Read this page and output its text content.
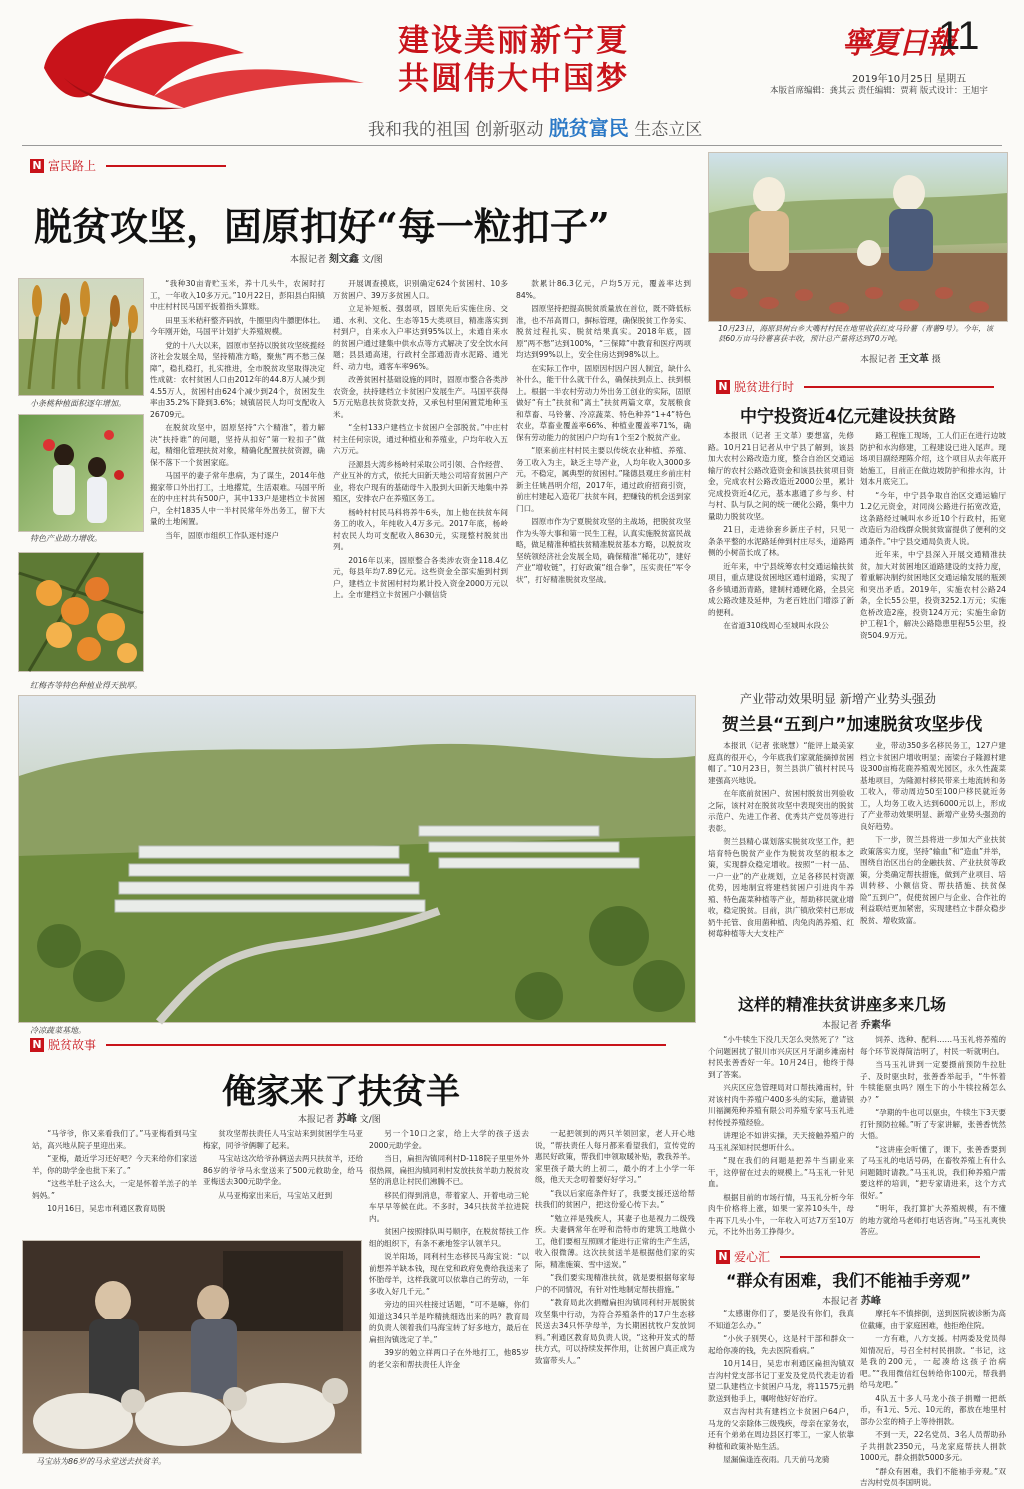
建设美丽新宁夏
共圆伟大中国梦
寧夏日報
11
2019年10月25日 星期五
本版首席编辑：龚其云 责任编辑：贾莉 版式设计：王旭宇
我和我的祖国 创新驱动 脱贫富民 生态立区
N 富民路上
脱贫攻坚，固原扣好“每一粒扣子”
本报记者 刻文鑫 文/图
小条桃种植面积逐年增加。
特色产业助力增收。
红梅杏等特色种植业得天独厚。

“我种30亩青贮玉米，养十几头牛，农闲时打工，一年收入10多万元。”10月22日，彭阳县白阳镇中庄村村民马国平扳着指头算账。

田里玉米秸秆整齐码放，牛圈里肉牛膘肥体壮。今年刚开始，马国平计划扩大养殖规模。

党的十八大以来，固原市坚持以脱贫攻坚统揽经济社会发展全局，坚持精准方略，聚焦“两不愁三保障”，稳扎稳打，扎实推进，全市脱贫攻坚取得决定性成就：农村贫困人口由2012年的44.8万人减少到4.55万人，贫困村由624个减少到24个，贫困发生率由35.2%下降到3.6%；城镇居民人均可支配收入26709元。

在脱贫攻坚中，固原坚持“六个精准”，着力解决“扶持谁”的问题，坚持从扣好“第一粒扣子”做起，精细化管理扶贫对象，精确化配置扶贫资源，确保不落下一个贫困家庭。

马国平的妻子常年患病，为了谋生，2014年他搬家带口外出打工，土地撂荒，生活艰难。马国平所在的中庄村共有500户，其中133户是建档立卡贫困户，全村1835人中一半村民常年外出务工，留下大量的土地闲置。

当年，固原市组织工作队逐村逐户

开展调查摸底，识别确定624个贫困村、10多万贫困户、39万多贫困人口。

立足补短板、强弱项，固原先后实施住房、交通、水利、文化、生态等15大类项目，精准落实到村到户，自来水入户率达到95%以上，未通自来水的贫困户通过建集中供水点等方式解决了安全饮水问题；县县通高速，行政村全部通沥青水泥路、通光纤、动力电，通客车率96%。

改善贫困村基础设施的同时，固原市整合各类涉农资金，扶持建档立卡贫困户发展生产。马国平获得5万元贴息扶贫贷款支持，又承包村里闲置荒地种玉米。

“全村133户建档立卡贫困户全部脱贫。”中庄村村主任何宗说，通过种植业和养殖业，户均年收入五六万元。

泾源县大湾乡杨岭村采取公司引领、合作经营、产业互补的方式，依托大田新天地公司培育贫困户产业，将农户现有的基础母牛入股到大田新天地集中养殖区，安排农户在养殖区务工。

杨岭村村民马科将养牛6头，加上他在扶贫车间务工的收入，年纯收入4万多元。2017年底，杨岭村农民人均可支配收入8630元，实现整村脱贫出列。

2016年以来，固原整合各类涉农资金118.4亿元，每县年均7.89亿元。这些资金全部实施到村到户，建档立卡贫困村村均累计投入资金2000万元以上。全市建档立卡贫困户小额信贷

款累计86.3亿元，户均5万元，覆盖率达到84%。

固原坚持把提高脱贫质量放在首位，既不降低标准，也不吊高胃口，摒标管理，确保脱贫工作务实、脱贫过程扎实、脱贫结果真实。2018年底，固原“两不愁”达到100%，“三保障”中教育和医疗两项均达到99%以上，安全住房达到98%以上。

在实际工作中，固原因村因户因人制宜，缺什么补什么，能干什么就干什么，确保扶到点上、扶到根上。根据一半农村劳动力外出务工创业的实际，固原做好“有土”扶贫和“离土”扶贫两篇文章，发展粮食和草畜、马铃薯、冷凉蔬菜、特色种养“1+4”特色农业，草畜业覆盖率66%、种植业覆盖率71%，确保有劳动能力的贫困户户均有1个至2个脱贫产业。

“原来前庄村村民主要以传统农业种植、养殖、务工收入为主，缺乏主导产业，人均年收入3000多元，不稳定，属典型的贫困村。”隆德县观庄乡前庄村新主任姚昌明介绍，2017年，通过政府招商引资，前庄村建起入造花厂扶贫车间，把赚钱的机会送到家门口。

固原市作为宁夏脱贫攻坚的主战场，把脱贫攻坚作为头等大事和第一民生工程，认真实施脱贫富民战略，做足精准种植扶贫精准脱贫基本方略，以脱贫攻坚统领经济社会发展全局，确保精准“稀花功”，建好产业“增收链”，打好政策“组合拳”，压实责任“军令状”，打好精准脱贫攻坚战。

冷凉蔬菜基地。
10月23日，海原县树台乡大嘴村村民在地里收获红皮马铃薯（青薯9号）。今年，该县60万亩马铃薯喜获丰收，预计总产量将达到70万吨。
本报记者 王文革 摄
N 脱贫进行时
中宁投资近4亿元建设扶贫路

本报讯（记者 王文革）要想富，先修路。10月21日记者从中宁县了解到，该县加大农村公路改造力度，整合自治区交通运输厅的农村公路改造资金和该县扶贫项目资金，完成农村公路改造近2000公里，累计完成投资近4亿元，基本惠通了乡与乡、村与村、队与队之间的统一硬化公路，集中力量助力脱贫攻坚。

21日，走进徐套乡新庄子村，只见一条条平整的水泥路延伸到村庄尽头，道路两侧的小树苗长成了林。

近年来，中宁县统筹农村交通运输扶贫项目，重点建设贫困地区通村道路，实现了各乡镇通沥青路，建制村通硬化路，全县完成公路改建及延伸，为老百姓出门增添了新的便利。

在省道310线周心至城叫水段公

路工程施工现场，工人们正在进行边坡防护和水沟修建，工程建设已进入尾声。现场项目副经理陈介绍，这个项目从去年底开始施工，目前正在做边坡防护和排水沟，计划本月底完工。

“今年，中宁县争取自治区交通运输厅1.2亿元资金，对同岗公路进行拓宽改造，这条路经过喊叫水乡近10个行政村，拓宽改造后为沿线群众脱贫致富提供了便利的交通条件。”中宁县交通局负责人说。

近年来，中宁县深入开展交通精准扶贫，加大对贫困地区道路建设的支持力度，着重解决制约贫困地区交通运输发展的瓶颈和突出矛盾。2019年，实施农村公路24条，全长55公里，投资3252.1万元；实施危桥改造2座，投资124万元；实施生命防护工程1个，解决公路隐患里程55公里，投资504.9万元。

产业带动效果明显 新增产业势头强劲
贺兰县“五到户”加速脱贫攻坚步伐

本报讯（记者 张晓慧）“能评上最美家庭真的很开心，今年底我们家就能摘掉贫困帽了。”10月23日，贺兰县洪广镇村村民马建强高兴地说。

在年底前贫困户、贫困村脱贫出列验收之际，该村对在脱贫攻坚中表现突出的脱贫示范户、先进工作者、优秀共产党员等进行表彰。

贺兰县精心谋划落实脱贫攻坚工作，把培育特色脱贫产业作为脱贫攻坚的根本之策，实现群众稳定增收。按照“一村一品、一户一业”的产业规划，立足各移民村资源优势，因地制宜将建档贫困户引进肉牛养殖、特色蔬菜种植等产业，帮助移民就业增收，稳定脱贫。目前，洪广镇欣荣村已形成奶牛托管、食用菌种植、肉兔肉鸽养殖、红树莓种植等大大支柱产

业，带动350多名移民务工，127户建档立卡贫困户增收明显；南梁台子隆源村建设300亩梅花鹿养殖观光园区，永久性蔬菜基地项目，为隆源村移民带来土地流转和务工收入，带动周边50至100户移民就近务工，人均务工收入达到6000元以上，形成了产业带动效果明显、新增产业势头强劲的良好趋势。

下一步，贺兰县将进一步加大产业扶贫政策落实力度，坚持“输血”和“造血”并举，围绕自治区出台的金融扶贫、产业扶贫等政策，分类确定帮扶措施，做到产业项目、培训转移、小额信贷、帮扶措施、扶贫保险“五到户”，促使贫困户与企业、合作社的利益联结更加紧密，实现建档立卡群众稳步脱贫、增收致富。

这样的精准扶贫讲座多来几场
本报记者 乔素华

“小牛犊生下没几天怎么突然死了？”这个问题困扰了银川市兴庆区月牙湖乡滩南村村民张善香好一年。10月24日，他终于得到了答案。

兴庆区应急管理局对口帮扶滩南村，针对该村肉牛养殖户400多头的实际，邀请银川福澜苑种养殖有限公司养殖专家马玉礼进村传授养殖经验。

讲理论不如讲实操，天天接触养殖户的马玉礼深知村民想听什么。

“现在我们的问题是把养牛当副业来干，这停留在过去的规模上。”马玉礼一针见血。

根据目前的市场行情，马玉礼分析今年肉牛价格将上涨，如果一家养10头牛，母牛再下几头小牛，一年收入可达7万至10万元，不比外出务工挣得少。

饲养、选种、配料……马玉礼将养殖的每个环节说得简洁明了，村民一听就明白。

当马玉礼讲到一定要摄前预防牛拉肚子、及时驱虫时，张善香举起手，“牛怀着牛犊能驱虫吗？刚生下的小牛犊拉稀怎么办？”

“孕期的牛也可以驱虫，牛犊生下3天要打针预防拉稀。”听了专家讲解，张善香恍然大悟。

“这讲座会听懂了，课下，张善香要到了马玉礼的电话号码，在畜牧养殖上有什么问题随时请教。”马玉礼说，我们种养殖户需要这样的培训，“把专家请进来，这个方式很好。”

“明年，我打算扩大养殖规模，有不懂的地方就给马老师打电话咨询。”马玉礼爽快答应。

N 爱心汇
“群众有困难，我们不能袖手旁观”
本报记者 苏峰

“太感谢你们了，要是没有你们，我真不知道怎么办。”

“小伙子别哭心，这是村干部和群众一起给你凑的钱，先去医院看病。”

10月14日，吴忠市利通区扁担沟镇双吉沟村党支部书记丁亚发及党员代表走访看望二队建档立卡贫困户马龙，将11575元捐款送到他手上，嘱咐他好好治疗。

双吉沟村共有建档立卡贫困户64户，马龙的父亲除体三级残疾，母亲在家务农，还有个弟弟在周边县区打零工，一家人依靠种植和政策补贴生活。

屋漏偏逢连夜雨。几天前马龙骑

摩托车不慎摔倒，送到医院被诊断为高位截瘫，由于家庭困难，他拒绝住院。

一方有难，八方支援。村两委及党员得知情况后，号召全村村民捐款。“书记，这是我的200元，一起凑给这孩子治病吧。”“我用微信红包转给你100元，帮我捐给马龙吧。”

4队五十多人马龙小孩子捐赠一把纸币，有1元、5元、10元的，都放在地里村部办公室的椅子上等待捐款。

不到一天，22名党员、3名人员帮助孙子共捐款2350元，马龙家庭帮扶人捐款1000元，群众捐款5000多元。

“群众有困难，我们不能袖手旁观。”双吉沟村党员李国明说。

N 脱贫故事
俺家来了扶贫羊
本报记者 苏峰 文/图

“马爷爷，你又来看我们了。”马亚梅看到马宝站，高兴地从院子里迎出来。

“亚梅，最近学习还好吧？今天来给你们家送羊，你的助学金也批下来了。”

“这些羊肚子这么大，一定是怀着羊羔子的羊妈妈。”

10月16日，吴忠市利通区教育局脱

贫攻坚帮扶责任人马宝站来到贫困学生马亚梅家，同爷爷俩聊了起来。

马宝站这次给爷孙俩送去两只扶贫羊，还给86岁的爷爷马永堂送来了500元救助金，给马亚梅送去300元助学金。

从马亚梅家出来后，马宝站又赶到

另一个10口之家，给上大学的孩子送去2000元助学金。

当日，扁担沟镇同利村D-118院子里里外外很热闹，扁担沟镇同利村发放扶贫羊助力脱贫攻坚的消息让村民们沸腾不已。

移民们得到消息，带着家人、开着电动三轮车早早等候在此。不多时，34只扶贫羊拉进院内。

贫困户按照排队叫号顺序，在脱贫帮扶工作组的组织下，有条不紊地签字认领羊只。

说羊阳场，同利村生态移民马海宝说：“以前想养羊缺本钱，现在党和政府免费给我送来了怀胎母羊，这样我就可以依靠自己的劳动，一年多收入好几千元。”

旁边的田兴柱接过话题，“可不是嘛，你们知道这34只羊是咋精挑细选出来的吗？教育局的负责人领着我们马海宝转了好多地方，最后在扁担沟镇选定了羊。”

39岁的勉立祥两口子在外地打工，他85岁的老父亲和帮扶责任人许金

一起把领到的两只羊领回家，老人开心地说，“帮扶责任人每月都来看望我们，宣传党的惠民好政策，帮我们申领取暖补贴，教我养羊。家里孩子最大的上初二，最小的才上小学一年级，他天天念叨着要好好学习。”

“我以后家庭条件好了，我要支援还送给帮扶我们的贫困户，把这份爱心传下去。”

“勉立祥是残疾人，其妻子也是视力二级残疾。夫妻俩常年在呼和浩特市的建筑工地做小工，他们要相互照顾才能进行正常的生产生活，收入很微薄。这次扶贫送羊是根据他们家的实际，精准施策、雪中送炭。”

“我们要实现精准扶贫，就是要根据每家每户的不同情况，有针对性地制定帮扶措施。”

“教育局此次捐赠扁担沟镇同利村开展脱贫攻坚集中行动，为符合养殖条件的17户生态移民送去34只怀孕母羊，为长期困扰牧户发放饲料。”利通区教育局负责人说，“这种开发式的帮扶方式，可以持续发挥作用，让贫困户真正成为致富带头人。”

马宝站为86岁的马永堂送去扶贫羊。
